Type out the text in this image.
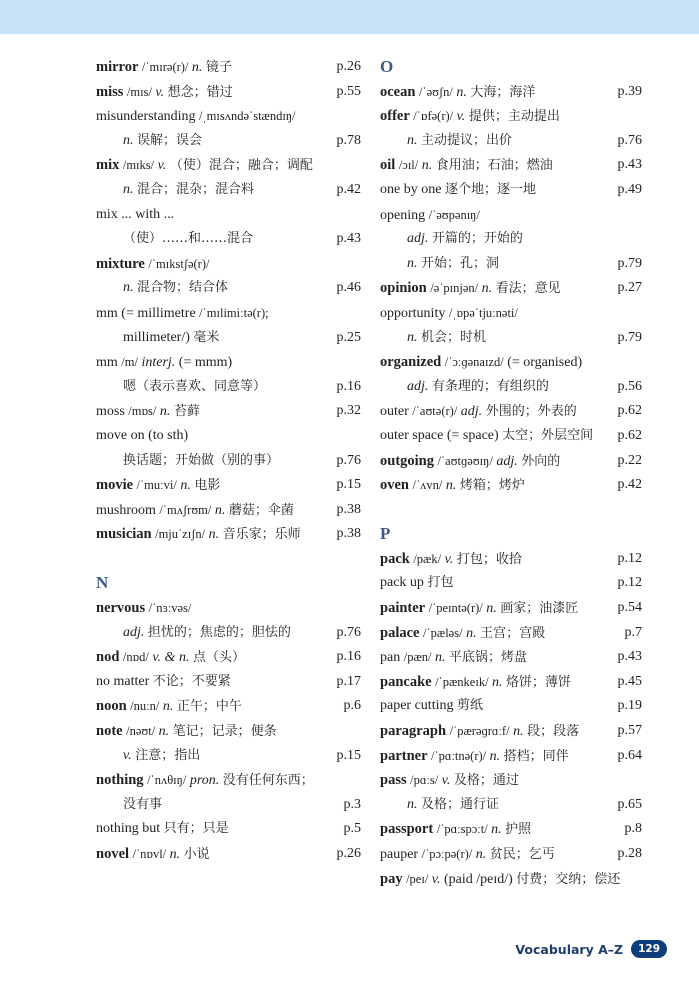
mirror /ˈmɪrə(r)/ n. 镜子	p.26
miss /mɪs/ v. 想念；错过	p.55
misunderstanding /ˌmɪsʌndəˈstændɪŋ/
n. 误解；误会	p.78
mix /mɪks/ v. （使）混合；融合；调配
n. 混合；混杂；混合料	p.42
mix ... with ...
（使）……和……混合	p.43
mixture /ˈmɪkstʃə(r)/
n. 混合物；结合体	p.46
mm (= millimetre /ˈmɪlimiːtə(r);
millimeter/) 毫米	p.25
mm /m/ interj. (= mmm)
嗯（表示喜欢、同意等）	p.16
moss /mɒs/ n. 苔藓	p.32
move on (to sth)
换话题；开始做（别的事）	p.76
movie /ˈmuːvi/ n. 电影	p.15
mushroom /ˈmʌʃrʊm/ n. 蘑菇；伞菌	p.38
musician /mjuˈzɪʃn/ n. 音乐家；乐师	p.38
N
nervous /ˈnɜːvəs/
adj. 担忧的；焦虑的；胆怯的	p.76
nod /nɒd/ v. & n. 点（头）	p.16
no matter 不论；不要紧	p.17
noon /nuːn/ n. 正午；中午	p.6
note /nəʊt/ n. 笔记；记录；便条
v. 注意；指出	p.15
nothing /ˈnʌθɪŋ/ pron. 没有任何东西；
没有事	p.3
nothing but 只有；只是	p.5
novel /ˈnɒvl/ n. 小说	p.26
O
ocean /ˈəʊʃn/ n. 大海；海洋	p.39
offer /ˈɒfə(r)/ v. 提供；主动提出
n. 主动提议；出价	p.76
oil /ɔɪl/ n. 食用油；石油；燃油	p.43
one by one 逐个地；逐一地	p.49
opening /ˈəʊpənɪŋ/
adj. 开篇的；开始的
n. 开始；孔；洞	p.79
opinion /əˈpɪnjən/ n. 看法；意见	p.27
opportunity /ˌɒpəˈtjuːnəti/
n. 机会；时机	p.79
organized /ˈɔːɡənaɪzd/ (= organised)
adj. 有条理的；有组织的	p.56
outer /ˈaʊtə(r)/ adj. 外围的；外表的	p.62
outer space (= space) 太空；外层空间 p.62
outgoing /ˈaʊtɡəʊɪŋ/ adj. 外向的	p.22
oven /ˈʌvn/ n. 烤箱；烤炉	p.42
P
pack /pæk/ v. 打包；收拾	p.12
pack up 打包	p.12
painter /ˈpeɪntə(r)/ n. 画家；油漆匠	p.54
palace /ˈpæləs/ n. 王宫；宫殿	p.7
pan /pæn/ n. 平底锅；烤盘	p.43
pancake /ˈpænkeɪk/ n. 烙饼；薄饼	p.45
paper cutting 剪纸	p.19
paragraph /ˈpærəɡrɑːf/ n. 段；段落	p.57
partner /ˈpɑːtnə(r)/ n. 搭档；同伴	p.64
pass /pɑːs/ v. 及格；通过
n. 及格；通行证	p.65
passport /ˈpɑːspɔːt/ n. 护照	p.8
pauper /ˈpɔːpə(r)/ n. 贫民；乞丐	p.28
pay /peɪ/ v. (paid /peɪd/) 付费；交纳；偿还
Vocabulary A–Z	129
